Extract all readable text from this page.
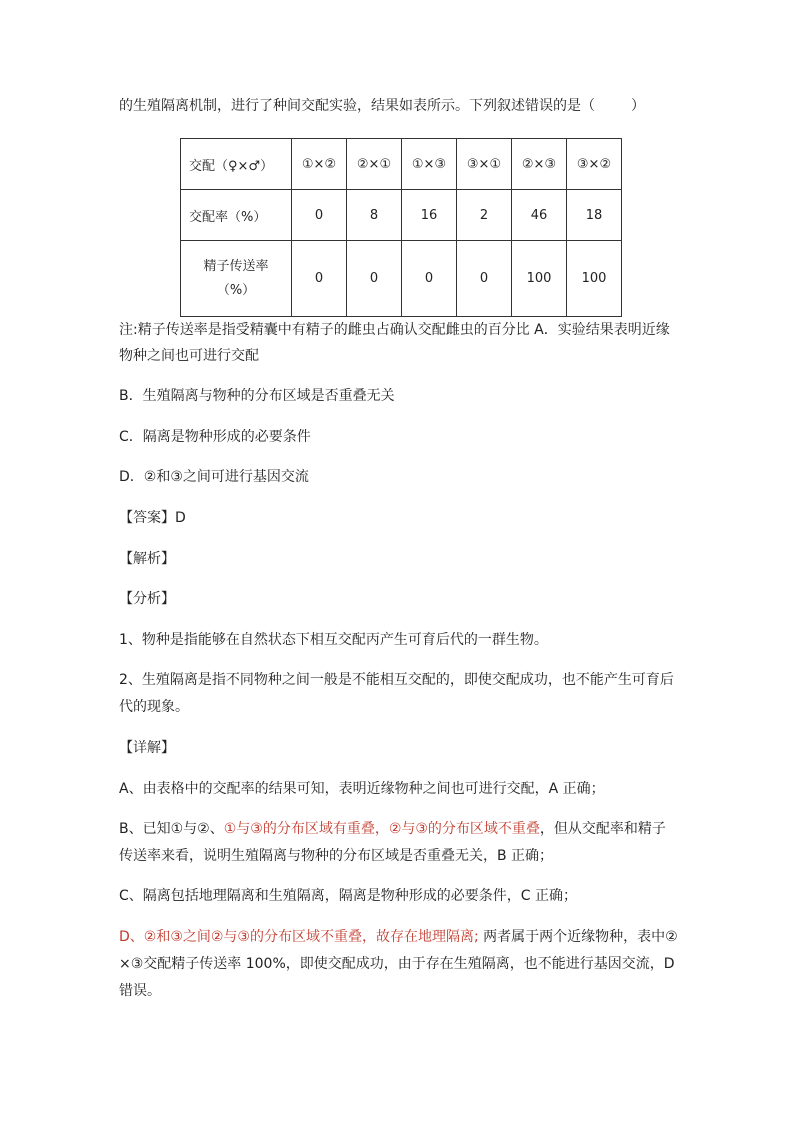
的生殖隔离机制，进行了种间交配实验，结果如表所示。下列叙述错误的是（	）
交配（♀×♂）	①×②	②×①	①×③	③×①	②×③	③×②
交配率（%）	0	8	16	2	46	18

精子传送率
（%）	0	0	0	0	100	100
注:精子传送率是指受精囊中有精子的雌虫占确认交配雌虫的百分比 A．实验结果表明近缘
物种之间也可进行交配
B．生殖隔离与物种的分布区域是否重叠无关
C．隔离是物种形成的必要条件
D．②和③之间可进行基因交流
【答案】D
【解析】
【分析】
1、物种是指能够在自然状态下相互交配丙产生可育后代的一群生物。
2、生殖隔离是指不同物种之间一般是不能相互交配的，即使交配成功，也不能产生可育后
代的现象。
【详解】
A、由表格中的交配率的结果可知，表明近缘物种之间也可进行交配，A 正确；
B、已知①与②、①与③的分布区域有重叠，②与③的分布区域不重叠，但从交配率和精子
传送率来看，说明生殖隔离与物种的分布区域是否重叠无关，B 正确；
C、隔离包括地理隔离和生殖隔离，隔离是物种形成的必要条件，C 正确；
D、②和③之间②与③的分布区域不重叠，故存在地理隔离; 两者属于两个近缘物种，表中②
×③交配精子传送率 100%，即使交配成功，由于存在生殖隔离，也不能进行基因交流，D
错误。
